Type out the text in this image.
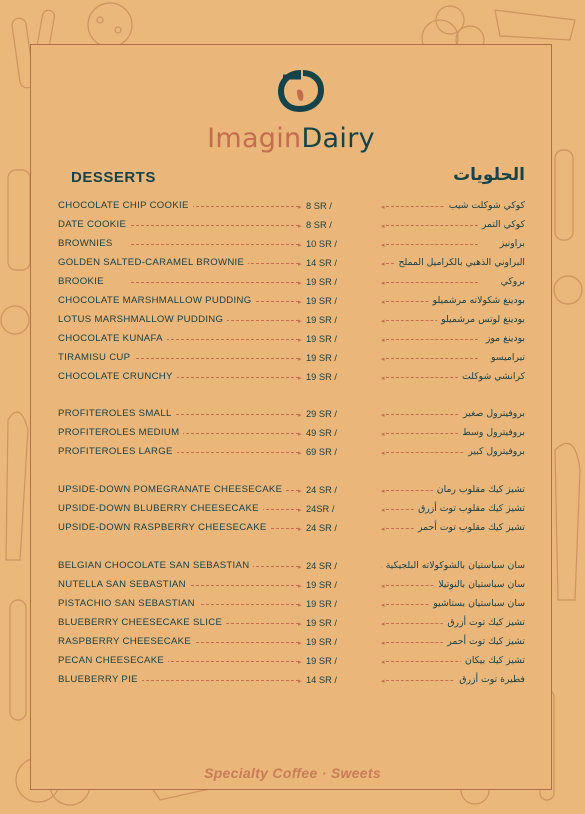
ImaginDairy
DESSERTS	الحلويات
▸	◂
CHOCOLATE CHIP COOKIE	8 SR /	كوكي شوكلت شيب
▸	◂
DATE COOKIE	8 SR /	كوكي التمر
▸	◂
BROWNIES	10 SR /	براونيز
▸	◂
GOLDEN SALTED-CARAMEL BROWNIE	14 SR /	البراوني الذهبي بالكراميل المملح
▸	◂
BROOKIE	19 SR /	بروكي
▸	◂
CHOCOLATE MARSHMALLOW PUDDING	19 SR /	بودينغ شكولاته مرشميلو
▸	◂
LOTUS MARSHMALLOW PUDDING	19 SR /	بودينغ لوتس مرشميلو
▸	◂
CHOCOLATE KUNAFA	19 SR /	بودينغ موز
▸	◂
TIRAMISU CUP	19 SR /	تيراميسو
▸	◂
CHOCOLATE CRUNCHY	19 SR /	كرانشي شوكلت
▸	◂
PROFITEROLES SMALL	29 SR /	بروفيترول صغير
▸	◂
PROFITEROLES MEDIUM	49 SR /	بروفيترول وسط
▸	◂
PROFITEROLES LARGE	69 SR /	بروفيترول كبير
▸	◂
UPSIDE-DOWN POMEGRANATE CHEESECAKE	24 SR /	تشيز كيك مقلوب رمان
▸	◂
UPSIDE-DOWN BLUBERRY CHEESECAKE	24SR /	تشيز كيك مقلوب توت أزرق
▸	◂
UPSIDE-DOWN RASPBERRY CHEESECAKE	24 SR /	تشيز كيك مقلوب توت أحمر
▸
BELGIAN CHOCOLATE SAN SEBASTIAN	24 SR /	سان سباستيان بالشوكولاته البلجيكية
▸	◂
NUTELLA SAN SEBASTIAN	19 SR /	سان سباستيان بالنوتيلا
▸	◂
PISTACHIO SAN SEBASTIAN	19 SR /	سان سباستيان بستاشيو
▸	◂
BLUEBERRY CHEESECAKE SLICE	19 SR /	تشيز كيك توت أزرق
▸	◂
RASPBERRY CHEESECAKE	19 SR /	تشيز كيك توت أحمر
▸	◂
PECAN CHEESECAKE	19 SR /	تشيز كيك بيكان
▸	◂
BLUEBERRY PIE	14 SR /	فطيرة توت أزرق
Specialty Coffee · Sweets
